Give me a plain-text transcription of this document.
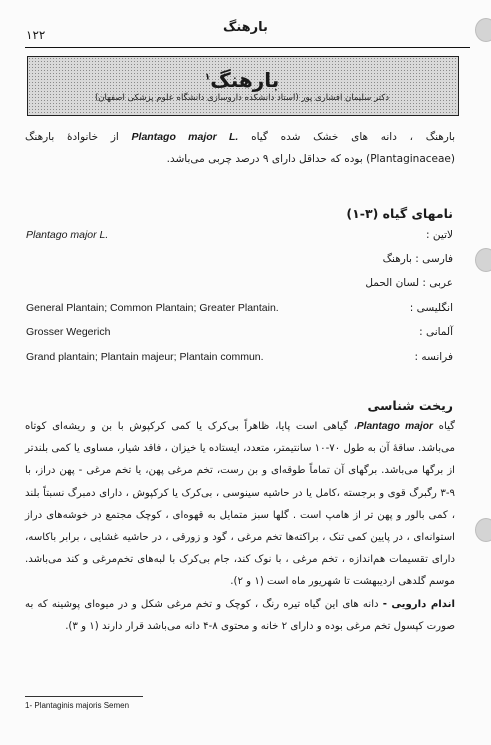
بارهنگ
۱۲۲
بارهنگ$^۱$
دکتر سلیمان افشاری پور (استاد دانشکده داروسازی دانشگاه علوم پزشکی اصفهان)
بارهنگ ، دانه های خشک شده گیاه Plantago major L. از خانوادهٔ بارهنگ
(Plantaginaceae) بوده که حداقل دارای ۹ درصد چربی می‌باشد.
نامهای گیاه (۳-۱)
لاتین :
Plantago major L.
فارسی : بارهنگ
عربی : لسان الحمل
انگلیسی :
General Plantain; Common Plantain; Greater Plantain.
آلمانی :
Grosser Wegerich
فرانسه :
Grand plantain; Plantain majeur; Plantain commun.
ریخت شناسی
گیاه Plantago major، گیاهی است پایا، ظاهراً بی‌کرک یا کمی کرکپوش با بن و ریشه‌ای کوتاه می‌باشد. ساقهٔ آن به طول ۷۰-۱۰ سانتیمتر، متعدد، ایستاده یا خیزان ، فاقد شیار، مساوی یا کمی بلندتر از برگها می‌باشد. برگهای آن تماماً طوقه‌ای و بن رست، تخم مرغی پهن، یا تخم مرغی - پهن دراز، با ۹-۳ رگبرگ قوی و برجسته ،کامل یا در حاشیه سینوسی ، بی‌کرک یا کرکپوش ، دارای دمبرگ نسبتاً بلند ، کمی بالور و پهن تر از هامپ است . گلها سبز متمایل به قهوه‌ای ، کوچک مجتمع در خوشه‌های دراز استوانه‌ای ، در پایین کمی تنک ، براکته‌ها تخم مرغی ، گود و زورقی ، در حاشیه غشایی ، برابر باکاسه، دارای تقسیمات هم‌اندازه ، تخم مرغی ، با نوک کند، جام بی‌کرک با لبه‌های تخم‌مرغی و کند می‌باشد. موسم گلدهی اردیبهشت تا شهریور ماه است (۱ و ۲).
اندام دارویی - دانه های این گیاه تیره رنگ ، کوچک و تخم مرغی شکل و در میوه‌ای پوشینه که به صورت کپسول تخم مرغی بوده و دارای ۲ خانه و محتوی ۸-۴ دانه می‌باشد قرار دارند (۱ و ۳).
1- Plantaginis majoris Semen
